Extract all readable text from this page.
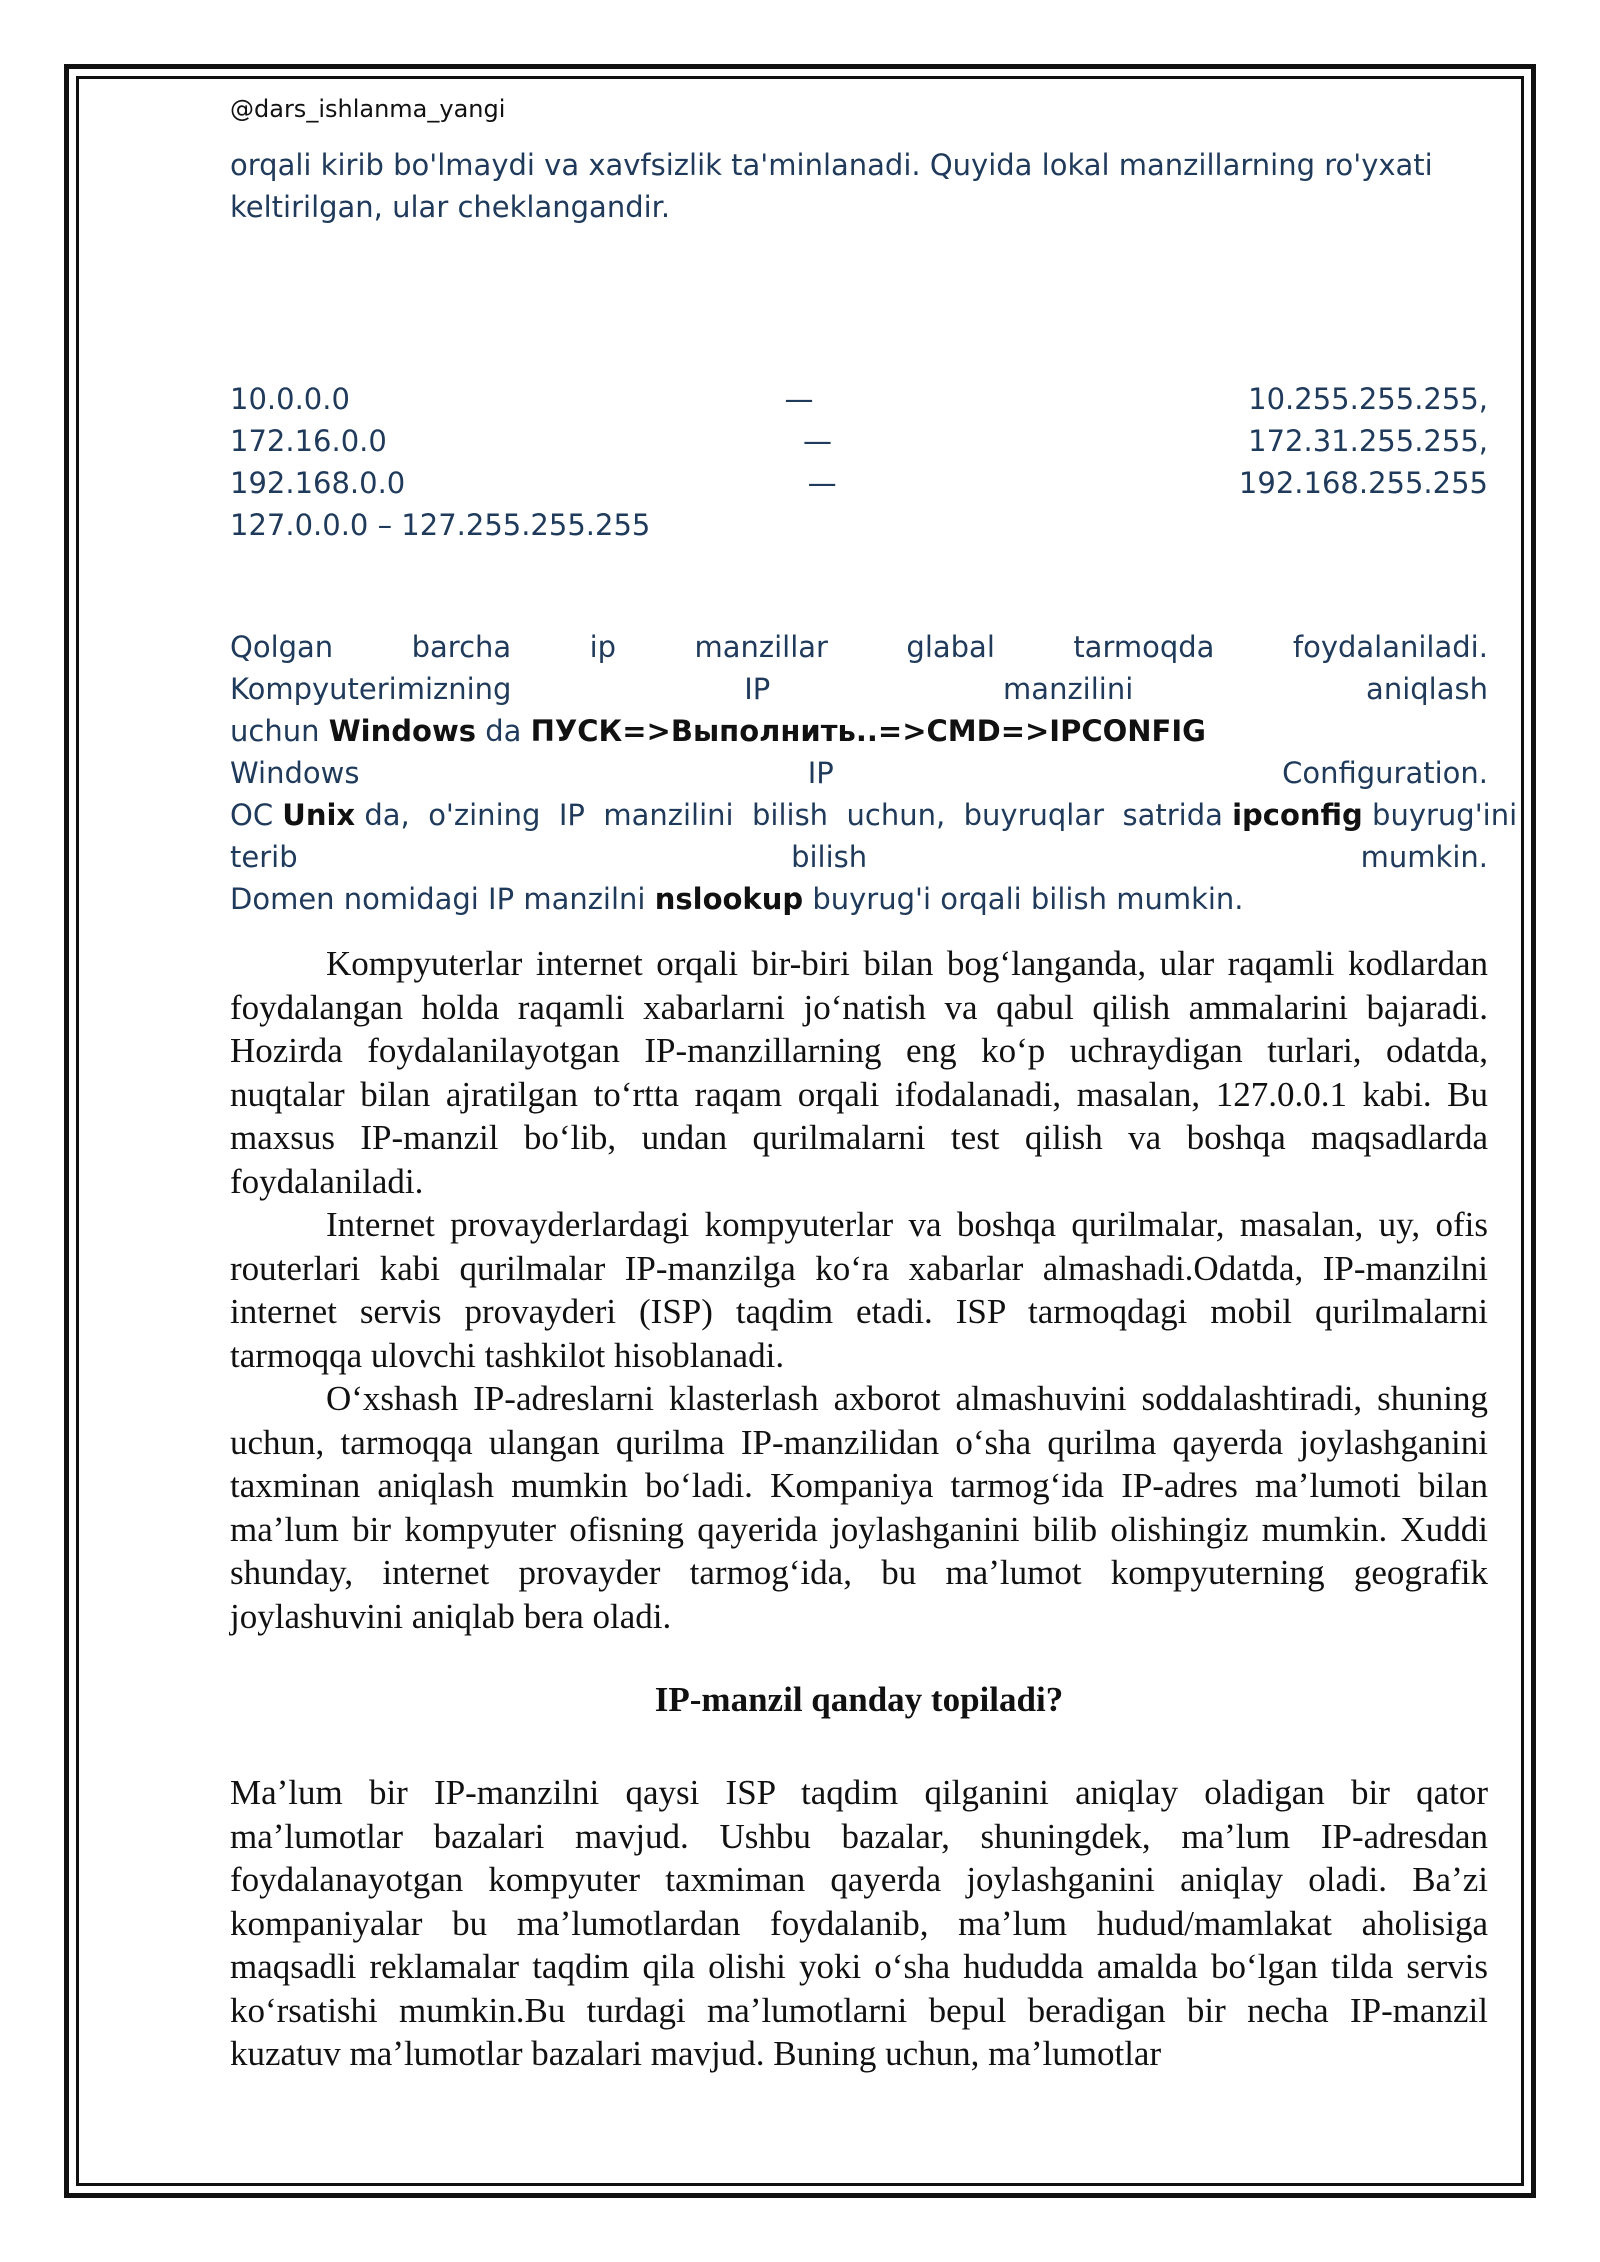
@dars_ishlanma_yangi
orqali kirib bo'lmaydi va xavfsizlik ta'minlanadi. Quyida lokal manzillarning ro'yxati
keltirilgan, ular cheklangandir.
10.0.0.0	—	10.255.255.255,
172.16.0.0	—	172.31.255.255,
192.168.0.0	—	192.168.255.255
127.0.0.0 – 127.255.255.255
Qolgan	barcha	ip	manzillar	glabal	tarmoqda	foydalaniladi.
Kompyuterimizning	IP	manzilini	aniqlash
uchun Windows da ПУСК=>Выполнить..=>CMD=>IPCONFIG
Windows	IP	Configuration.
ОС Unix da,  o'zining  IP  manzilini  bilish  uchun,  buyruqlar  satrida ipconfig buyrug'ini
terib	bilish	mumkin.
Domen nomidagi IP manzilni nslookup buyrug'i orqali bilish mumkin.

Kompyuterlar internet orqali bir-biri bilan bogʻlanganda, ular raqamli kodlardan foydalangan holda raqamli xabarlarni joʻnatish va qabul qilish ammalarini bajaradi. Hozirda foydalanilayotgan IP-manzillarning eng koʻp uchraydigan turlari, odatda, nuqtalar bilan ajratilgan toʻrtta raqam orqali ifodalanadi, masalan, 127.0.0.1 kabi. Bu maxsus IP-manzil boʻlib, undan qurilmalarni test qilish va boshqa maqsadlarda foydalaniladi.

Internet provayderlardagi kompyuterlar va boshqa qurilmalar, masalan, uy, ofis routerlari kabi qurilmalar IP-manzilga koʻra xabarlar almashadi.Odatda, IP-manzilni internet servis provayderi (ISP) taqdim etadi. ISP tarmoqdagi mobil qurilmalarni tarmoqqa ulovchi tashkilot hisoblanadi.

Oʻxshash IP-adreslarni klasterlash axborot almashuvini soddalashtiradi, shuning uchun, tarmoqqa ulangan qurilma IP-manzilidan oʻsha qurilma qayerda joylashganini taxminan aniqlash mumkin boʻladi. Kompaniya tarmogʻida IP-adres maʼlumoti bilan maʼlum bir kompyuter ofisning qayerida joylashganini bilib olishingiz mumkin. Xuddi shunday, internet provayder tarmogʻida, bu maʼlumot kompyuterning geografik joylashuvini aniqlab bera oladi.

IP-manzil qanday topiladi?

Maʼlum bir IP-manzilni qaysi ISP taqdim qilganini aniqlay oladigan bir qator maʼlumotlar bazalari mavjud. Ushbu bazalar, shuningdek, maʼlum IP-adresdan foydalanayotgan kompyuter taxmiman qayerda joylashganini aniqlay oladi. Baʼzi kompaniyalar bu maʼlumotlardan foydalanib, maʼlum hudud/mamlakat aholisiga maqsadli reklamalar taqdim qila olishi yoki oʻsha hududda amalda boʻlgan tilda servis koʻrsatishi mumkin.Bu turdagi maʼlumotlarni bepul beradigan bir necha IP-manzil kuzatuv maʼlumotlar bazalari mavjud. Buning uchun, maʼlumotlar
